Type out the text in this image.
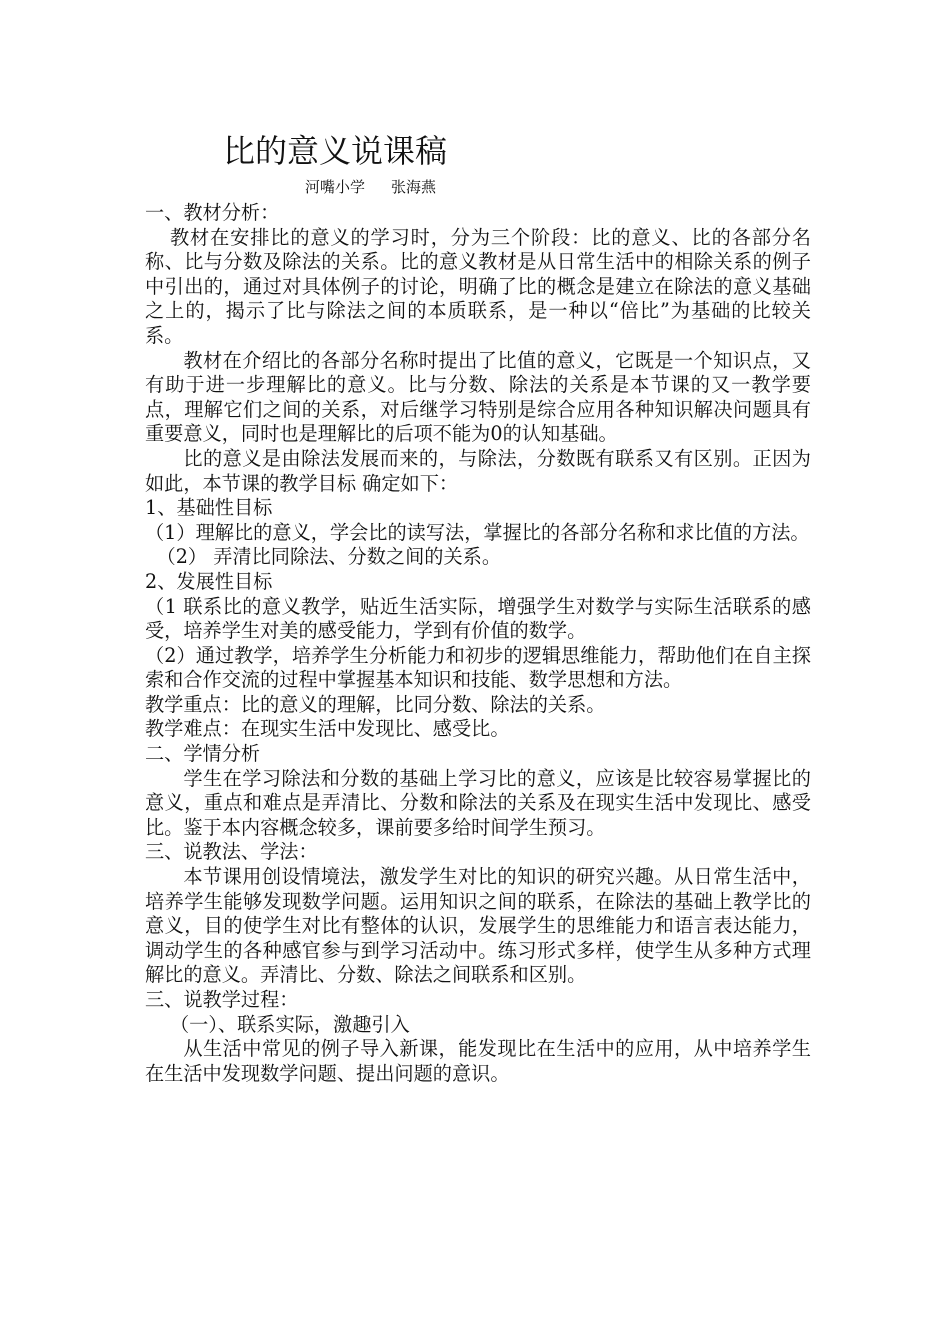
比的意义说课稿
河嘴小学 张海燕

一、教材分析：

教材在安排比的意义的学习时，分为三个阶段：比的意义、比的各部分名称、比与分数及除法的关系。比的意义教材是从日常生活中的相除关系的例子中引出的，通过对具体例子的讨论，明确了比的概念是建立在除法的意义基础之上的，揭示了比与除法之间的本质联系，是一种以“倍比”为基础的比较关系。

教材在介绍比的各部分名称时提出了比值的意义，它既是一个知识点，又有助于进一步理解比的意义。比与分数、除法的关系是本节课的又一教学要点，理解它们之间的关系，对后继学习特别是综合应用各种知识解决问题具有重要意义，同时也是理解比的后项不能为0的认知基础。

比的意义是由除法发展而来的，与除法，分数既有联系又有区别。正因为如此，本节课的教学目标 确定如下：

1、基础性目标

（1）理解比的意义，学会比的读写法，掌握比的各部分名称和求比值的方法。

（2） 弄清比同除法、分数之间的关系。

2、发展性目标

（1 联系比的意义教学，贴近生活实际，增强学生对数学与实际生活联系的感受，培养学生对美的感受能力，学到有价值的数学。

（2）通过教学，培养学生分析能力和初步的逻辑思维能力，帮助他们在自主探索和合作交流的过程中掌握基本知识和技能、数学思想和方法。

教学重点：比的意义的理解，比同分数、除法的关系。

教学难点：在现实生活中发现比、感受比。

二、学情分析

学生在学习除法和分数的基础上学习比的意义，应该是比较容易掌握比的意义，重点和难点是弄清比、分数和除法的关系及在现实生活中发现比、感受比。鉴于本内容概念较多，课前要多给时间学生预习。

三、说教法、学法：

本节课用创设情境法，激发学生对比的知识的研究兴趣。从日常生活中，培养学生能够发现数学问题。运用知识之间的联系，在除法的基础上教学比的意义，目的使学生对比有整体的认识，发展学生的思维能力和语言表达能力，调动学生的各种感官参与到学习活动中。练习形式多样，使学生从多种方式理解比的意义。弄清比、分数、除法之间联系和区别。

三、说教学过程：

（一）、联系实际，激趣引入

从生活中常见的例子导入新课，能发现比在生活中的应用，从中培养学生在生活中发现数学问题、提出问题的意识。
